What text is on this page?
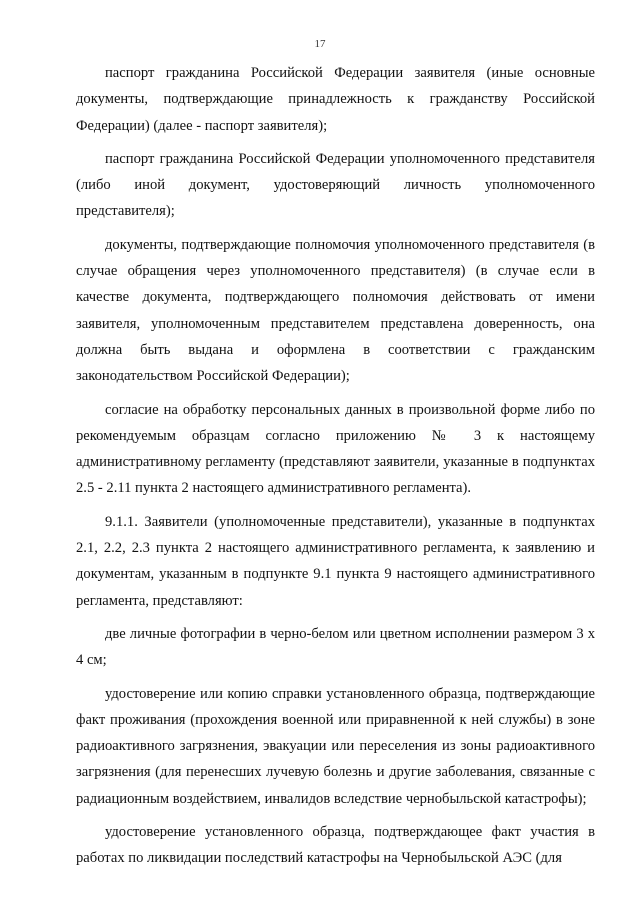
17

паспорт гражданина Российской Федерации заявителя (иные основные документы, подтверждающие принадлежность к гражданству Российской Федерации) (далее - паспорт заявителя);

паспорт гражданина Российской Федерации уполномоченного представителя (либо иной документ, удостоверяющий личность уполномоченного представителя);

документы, подтверждающие полномочия уполномоченного представителя (в случае обращения через уполномоченного представителя) (в случае если в качестве документа, подтверждающего полномочия действовать от имени заявителя, уполномоченным представителем представлена доверенность, она должна быть выдана и оформлена в соответствии с гражданским законодательством Российской Федерации);

согласие на обработку персональных данных в произвольной форме либо по рекомендуемым образцам согласно приложению № 3 к настоящему административному регламенту (представляют заявители, указанные в подпунктах 2.5 - 2.11 пункта 2 настоящего административного регламента).

9.1.1. Заявители (уполномоченные представители), указанные в подпунктах 2.1, 2.2, 2.3 пункта 2 настоящего административного регламента, к заявлению и документам, указанным в подпункте 9.1 пункта 9 настоящего административного регламента, представляют:

две личные фотографии в черно-белом или цветном исполнении размером 3 х 4 см;

удостоверение или копию справки установленного образца, подтверждающие факт проживания (прохождения военной или приравненной к ней службы) в зоне радиоактивного загрязнения, эвакуации или переселения из зоны радиоактивного загрязнения (для перенесших лучевую болезнь и другие заболевания, связанные с радиационным воздействием, инвалидов вследствие чернобыльской катастрофы);

удостоверение установленного образца, подтверждающее факт участия в работах по ликвидации последствий катастрофы на Чернобыльской АЭС (для
